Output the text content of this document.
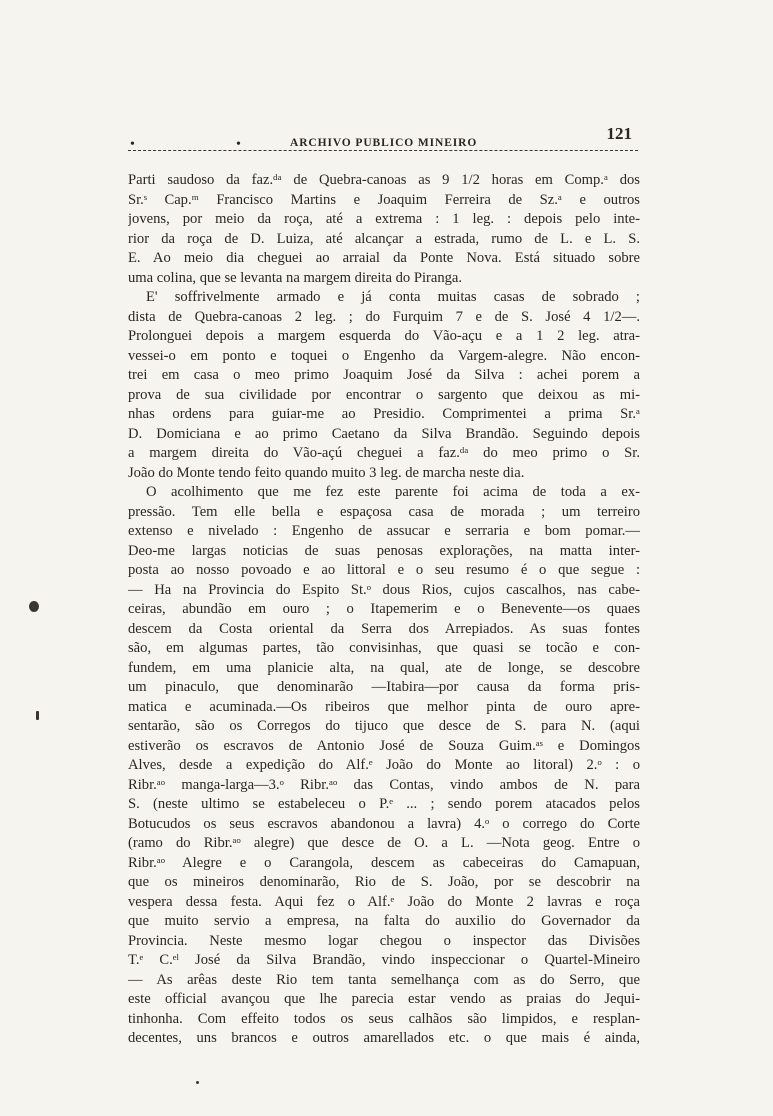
•	•	ARCHIVO PUBLICO MINEIRO	121
Parti saudoso da faz.ᵈᵃ de Quebra-canoas as 9 1/2 horas em Comp.ᵃ dos
Sr.ˢ Cap.ᵐ Francisco Martins e Joaquim Ferreira de Sz.ᵃ e outros
jovens, por meio da roça, até a extrema : 1 leg. : depois pelo inte-
rior da roça de D. Luiza, até alcançar a estrada, rumo de L. e L. S.
E. Ao meio dia cheguei ao arraial da Ponte Nova. Está situado sobre
uma colina, que se levanta na margem direita do Piranga.
E' soffrivelmente armado e já conta muitas casas de sobrado ;
dista de Quebra-canoas 2 leg. ; do Furquim 7 e de S. José 4 1/2—.
Prolonguei depois a margem esquerda do Vão-açu e a 1 2 leg. atra-
vessei-o em ponto e toquei o Engenho da Vargem-alegre. Não encon-
trei em casa o meo primo Joaquim José da Silva : achei porem a
prova de sua civilidade por encontrar o sargento que deixou as mi-
nhas ordens para guiar-me ao Presidio. Comprimentei a prima Sr.ᵃ
D. Domiciana e ao primo Caetano da Silva Brandão. Seguindo depois
a margem direita do Vão-açú cheguei a faz.ᵈᵃ do meo primo o Sr.
João do Monte tendo feito quando muito 3 leg. de marcha neste dia.
O acolhimento que me fez este parente foi acima de toda a ex-
pressão. Tem elle bella e espaçosa casa de morada ; um terreiro
extenso e nivelado : Engenho de assucar e serraria e bom pomar.—
Deo-me largas noticias de suas penosas explorações, na matta inter-
posta ao nosso povoado e ao littoral e o seu resumo é o que segue :
— Ha na Provincia do Espito St.ᵒ dous Rios, cujos cascalhos, nas cabe-
ceiras, abundão em ouro ; o Itapemerim e o Benevente—os quaes
descem da Costa oriental da Serra dos Arrepiados. As suas fontes
são, em algumas partes, tão convisinhas, que quasi se tocão e con-
fundem, em uma planicie alta, na qual, ate de longe, se descobre
um pinaculo, que denominarão —Itabira—por causa da forma pris-
matica e acuminada.—Os ribeiros que melhor pinta de ouro apre-
sentarão, são os Corregos do tijuco que desce de S. para N. (aqui
estiverão os escravos de Antonio José de Souza Guim.ᵃˢ e Domingos
Alves, desde a expedição do Alf.ᵉ João do Monte ao litoral) 2.ᵒ : o
Ribr.ᵃᵒ manga-larga—3.ᵒ Ribr.ᵃᵒ das Contas, vindo ambos de N. para
S. (neste ultimo se estabeleceu o P.ᵉ ... ; sendo porem atacados pelos
Botucudos os seus escravos abandonou a lavra) 4.ᵒ o corrego do Corte
(ramo do Ribr.ᵃᵒ alegre) que desce de O. a L. —Nota geog. Entre o
Ribr.ᵃᵒ Alegre e o Carangola, descem as cabeceiras do Camapuan,
que os mineiros denominarão, Rio de S. João, por se descobrir na
vespera dessa festa. Aqui fez o Alf.ᵉ João do Monte 2 lavras e roça
que muito servio a empresa, na falta do auxilio do Governador da
Provincia. Neste mesmo logar chegou o inspector das Divisões
T.ᵉ C.ᵉˡ José da Silva Brandão, vindo inspeccionar o Quartel-Mineiro
— As arêas deste Rio tem tanta semelhança com as do Serro, que
este official avançou que lhe parecia estar vendo as praias do Jequi-
tinhonha. Com effeito todos os seus calhãos são limpidos, e resplan-
decentes, uns brancos e outros amarellados etc. o que mais é ainda,
